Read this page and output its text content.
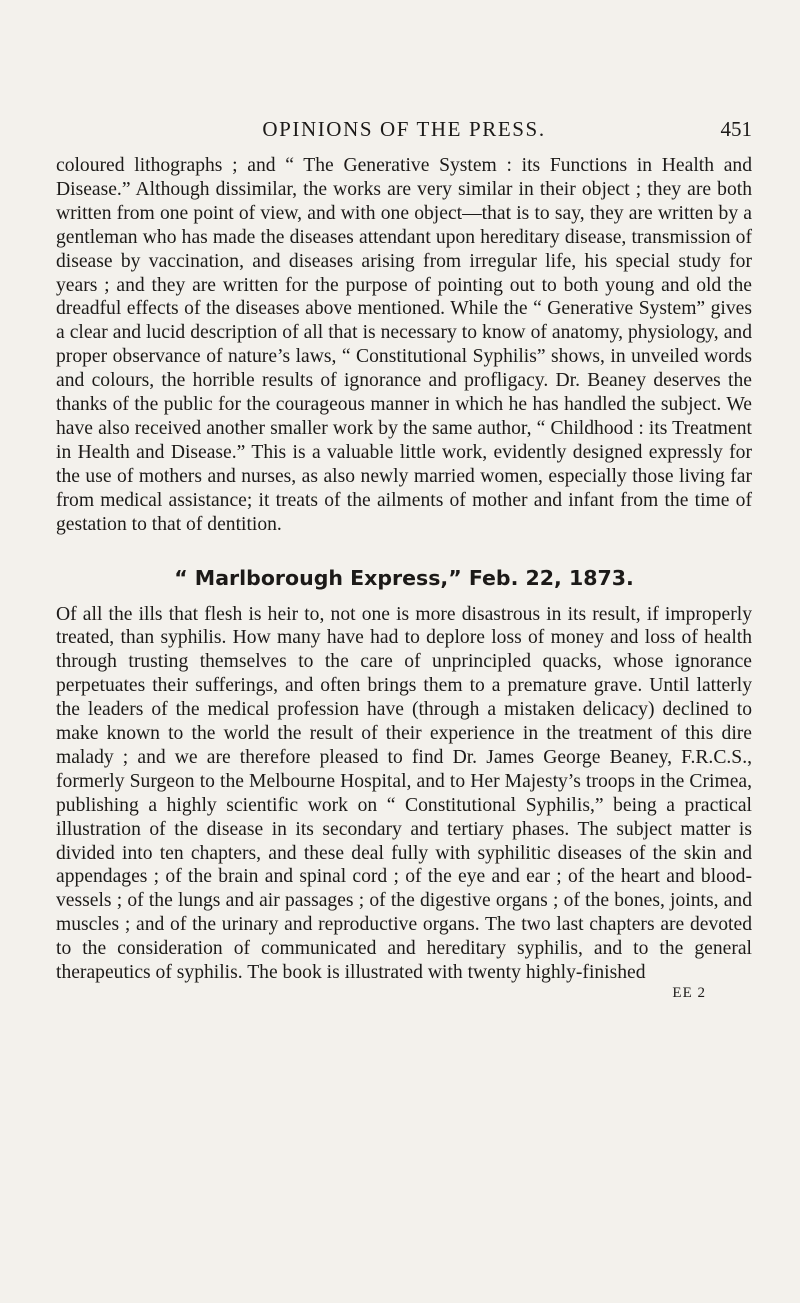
OPINIONS OF THE PRESS.	451

coloured lithographs ; and “ The Generative System : its Functions in Health and Disease.” Although dissimilar, the works are very similar in their object ; they are both written from one point of view, and with one object—that is to say, they are written by a gentleman who has made the diseases attendant upon hereditary disease, transmission of disease by vaccination, and diseases arising from irregular life, his special study for years ; and they are written for the purpose of pointing out to both young and old the dreadful effects of the diseases above mentioned. While the “ Generative System” gives a clear and lucid description of all that is necessary to know of anatomy, physiology, and proper observance of nature’s laws, “ Constitutional Syphilis” shows, in unveiled words and colours, the horrible results of ignorance and profligacy. Dr. Beaney deserves the thanks of the public for the courageous manner in which he has handled the subject. We have also received another smaller work by the same author, “ Childhood : its Treatment in Health and Disease.” This is a valuable little work, evidently designed expressly for the use of mothers and nurses, as also newly married women, especially those living far from medical assistance; it treats of the ailments of mother and infant from the time of gestation to that of dentition.

“ Marlborough Express,” Feb. 22, 1873.

Of all the ills that flesh is heir to, not one is more disastrous in its result, if improperly treated, than syphilis. How many have had to deplore loss of money and loss of health through trusting themselves to the care of unprincipled quacks, whose ignorance perpetuates their sufferings, and often brings them to a premature grave. Until latterly the leaders of the medical profession have (through a mistaken delicacy) declined to make known to the world the result of their experience in the treatment of this dire malady ; and we are therefore pleased to find Dr. James George Beaney, F.R.C.S., formerly Surgeon to the Melbourne Hospital, and to Her Majesty’s troops in the Crimea, publishing a highly scientific work on “ Constitutional Syphilis,” being a practical illustration of the disease in its secondary and tertiary phases. The subject matter is divided into ten chapters, and these deal fully with syphilitic diseases of the skin and appendages ; of the brain and spinal cord ; of the eye and ear ; of the heart and blood-vessels ; of the lungs and air passages ; of the digestive organs ; of the bones, joints, and muscles ; and of the urinary and reproductive organs. The two last chapters are devoted to the consideration of communicated and hereditary syphilis, and to the general therapeutics of syphilis. The book is illustrated with twenty highly-finished

EE 2
